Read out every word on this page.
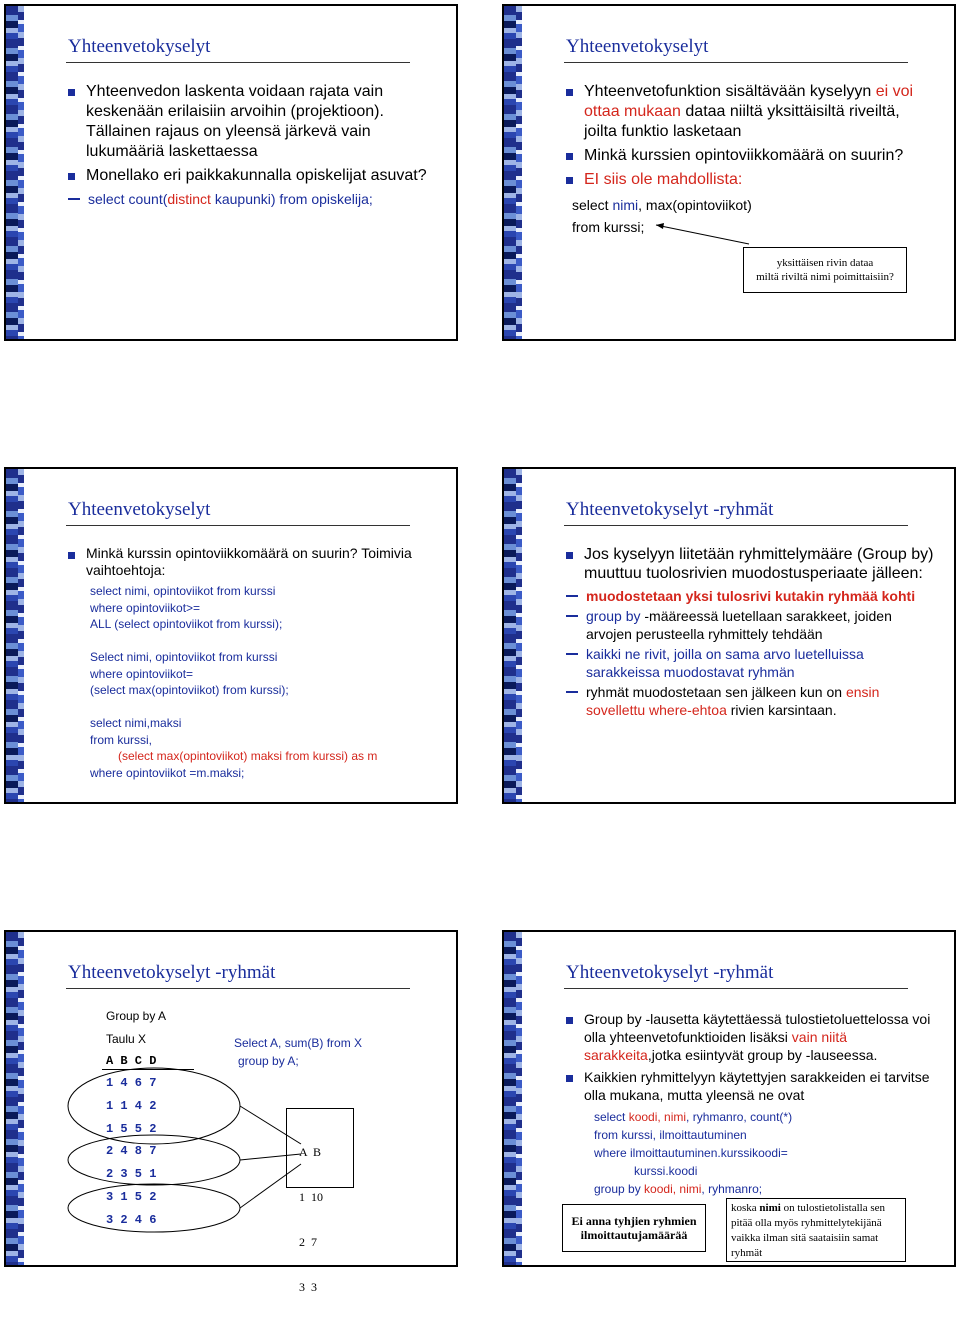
Yhteenvetokyselyt
Yhteenvedon laskenta voidaan rajata vain keskenään erilaisiin arvoihin (projektioon). Tällainen rajaus on yleensä järkevä vain lukumääriä laskettaessa
Monellako eri paikkakunnalla opiskelijat asuvat?
select count(distinct kaupunki) from opiskelija;
Yhteenvetokyselyt
Yhteenvetofunktion sisältävään kyselyyn ei voi ottaa mukaan dataa niiltä yksittäisiltä riveiltä, joilta funktio lasketaan
Minkä kurssien opintoviikkomäärä on suurin?
EI siis ole mahdollista:
select nimi, max(opintoviikot)
from kurssi;
yksittäisen rivin dataa
miltä riviltä nimi poimittaisiin?
Yhteenvetokyselyt
Minkä kurssin opintoviikkomäärä on suurin? Toimivia vaihtoehtoja:
select nimi, opintoviikot from kurssi
where opintoviikot>=
ALL (select opintoviikot from kurssi);
Select nimi, opintoviikot from kurssi
where opintoviikot=
(select max(opintoviikot) from kurssi);
select nimi,maksi
from kurssi,
(select max(opintoviikot) maksi from kurssi) as m
where opintoviikot =m.maksi;
Yhteenvetokyselyt -ryhmät
Jos kyselyyn liitetään ryhmittelymääre (Group by) muuttuu tuolosrivien muodostusperiaate jälleen:
muodostetaan yksi tulosrivi kutakin ryhmää kohti
group by -määreessä luetellaan sarakkeet, joiden arvojen perusteella ryhmittely tehdään
kaikki ne rivit, joilla on sama arvo luetelluissa sarakkeissa muodostavat ryhmän
ryhmät muodostetaan sen jälkeen kun on ensin sovellettu where-ehtoa rivien karsintaan.
Yhteenvetokyselyt -ryhmät
Group by A
Taulu X
A B C D
1 4 6 7
1 1 4 2
1 5 5 2
2 4 8 7
2 3 5 1
3 1 5 2
3 2 4 6
Select A, sum(B) from X
group by A;

A  B

1  10

2  7

3  3

Yhteenvetokyselyt -ryhmät
Group by -lausetta käytettäessä tulostietoluettelossa voi olla yhteenvetofunktioiden lisäksi vain niitä sarakkeita,jotka esiintyvät group by -lauseessa.
Kaikkien ryhmittelyyn käytettyjen sarakkeiden ei tarvitse olla mukana, mutta yleensä ne ovat
select koodi, nimi, ryhmanro, count(*)
from kurssi, ilmoittautuminen
where ilmoittautuminen.kurssikoodi=
kurssi.koodi
group by koodi, nimi, ryhmanro;
Ei anna tyhjien ryhmien
ilmoittautujamäärää
koska nimi on tulostietolistalla sen pitää olla myös ryhmittelytekijänä vaikka ilman sitä saataisiin samat ryhmät
